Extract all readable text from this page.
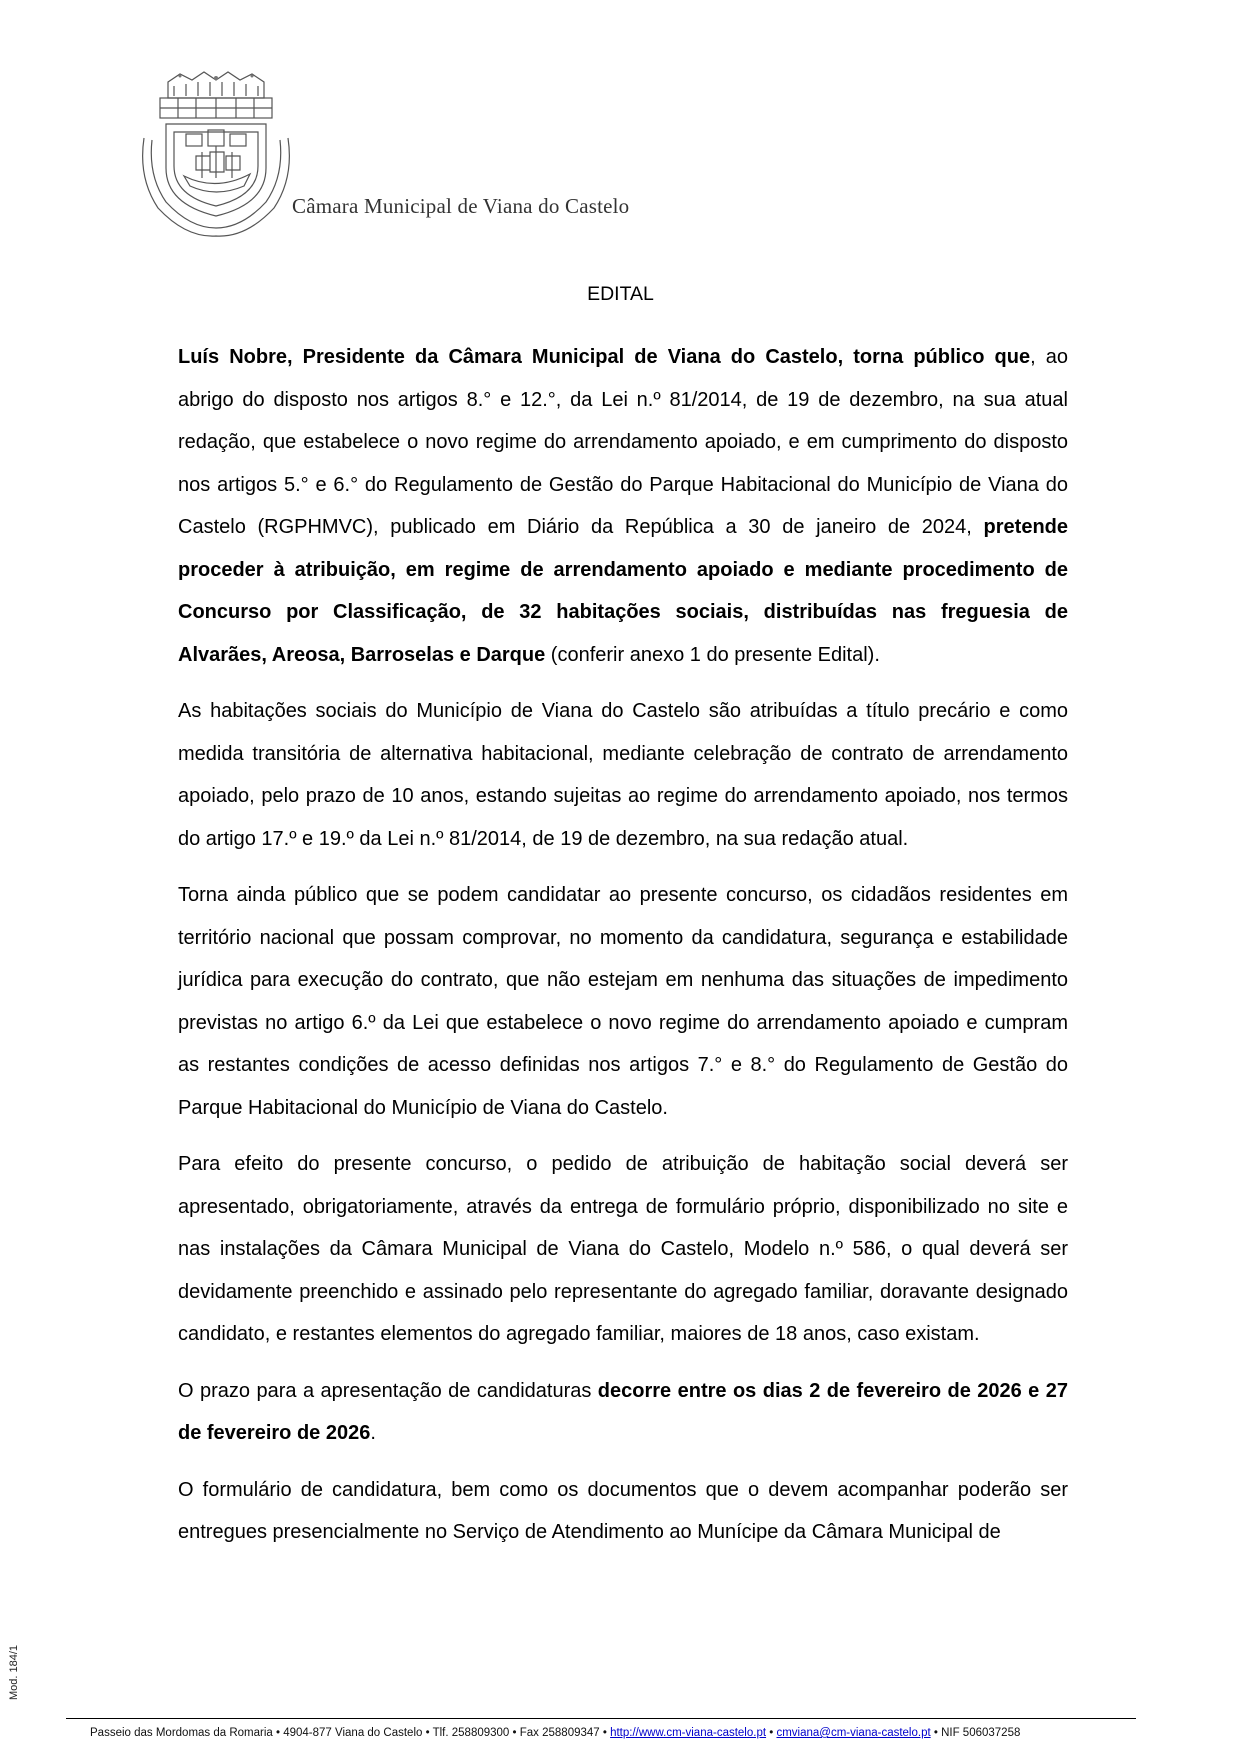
Câmara Municipal de Viana do Castelo
EDITAL

Luís Nobre, Presidente da Câmara Municipal de Viana do Castelo, torna público que, ao abrigo do disposto nos artigos 8.° e 12.°, da Lei n.º 81/2014, de 19 de dezembro, na sua atual redação, que estabelece o novo regime do arrendamento apoiado, e em cumprimento do disposto nos artigos 5.° e 6.° do Regulamento de Gestão do Parque Habitacional do Município de Viana do Castelo (RGPHMVC), publicado em Diário da República a 30 de janeiro de 2024, pretende proceder à atribuição, em regime de arrendamento apoiado e mediante procedimento de Concurso por Classificação, de 32 habitações sociais, distribuídas nas freguesia de Alvarães, Areosa, Barroselas e Darque (conferir anexo 1 do presente Edital).

As habitações sociais do Município de Viana do Castelo são atribuídas a título precário e como medida transitória de alternativa habitacional, mediante celebração de contrato de arrendamento apoiado, pelo prazo de 10 anos, estando sujeitas ao regime do arrendamento apoiado, nos termos do artigo 17.º e 19.º da Lei n.º 81/2014, de 19 de dezembro, na sua redação atual.

Torna ainda público que se podem candidatar ao presente concurso, os cidadãos residentes em território nacional que possam comprovar, no momento da candidatura, segurança e estabilidade jurídica para execução do contrato, que não estejam em nenhuma das situações de impedimento previstas no artigo 6.º da Lei que estabelece o novo regime do arrendamento apoiado e cumpram as restantes condições de acesso definidas nos artigos 7.° e 8.° do Regulamento de Gestão do Parque Habitacional do Município de Viana do Castelo.

Para efeito do presente concurso, o pedido de atribuição de habitação social deverá ser apresentado, obrigatoriamente, através da entrega de formulário próprio, disponibilizado no site e nas instalações da Câmara Municipal de Viana do Castelo, Modelo n.º 586, o qual deverá ser devidamente preenchido e assinado pelo representante do agregado familiar, doravante designado candidato, e restantes elementos do agregado familiar, maiores de 18 anos, caso existam.

O prazo para a apresentação de candidaturas decorre entre os dias 2 de fevereiro de 2026 e 27 de fevereiro de 2026.

O formulário de candidatura, bem como os documentos que o devem acompanhar poderão ser entregues presencialmente no Serviço de Atendimento ao Munícipe da Câmara Municipal de

Mod. 184/1
Passeio das Mordomas da Romaria • 4904-877 Viana do Castelo • Tlf. 258809300 • Fax 258809347 • http://www.cm-viana-castelo.pt • cmviana@cm-viana-castelo.pt • NIF 506037258
